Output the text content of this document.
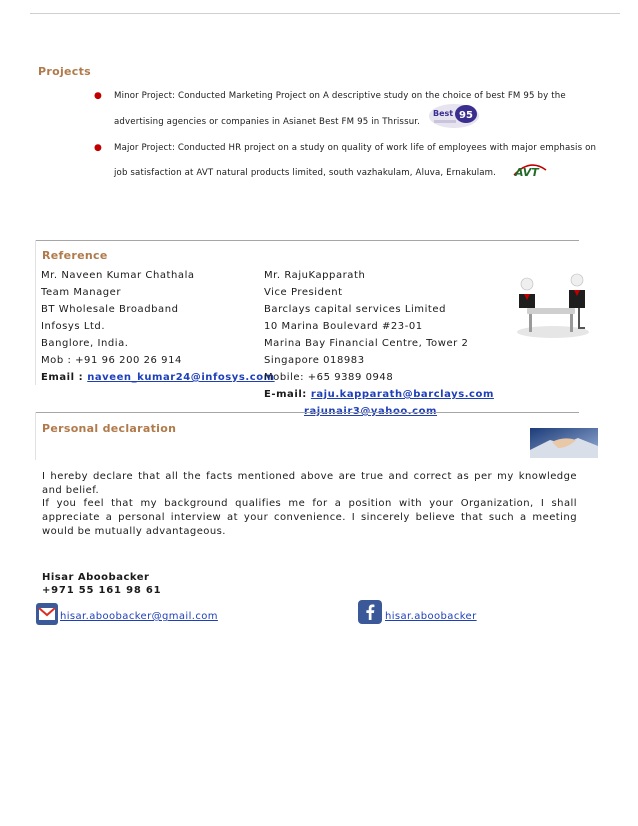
Projects
● Minor Project: Conducted Marketing Project on A descriptive study on the choice of best FM 95 by the
advertising agencies or companies in Asianet Best FM 95 in Thrissur.
Best 95
● Major Project: Conducted HR project on a study on quality of work life of employees with major emphasis on
job satisfaction at AVT natural products limited, south vazhakulam, Aluva, Ernakulam. AVT
Reference
Mr. Naveen Kumar Chathala
Team Manager
BT Wholesale Broadband
Infosys Ltd.
Banglore, India.
Mob : +91 96 200 26 914
Email : naveen_kumar24@infosys.com
Mr. RajuKapparath
Vice President
Barclays capital services Limited
10 Marina Boulevard #23-01
Marina Bay Financial Centre, Tower 2
Singapore 018983
Mobile: +65 9389 0948
E-mail: raju.kapparath@barclays.com
Personal declaration
I hereby declare that all the facts mentioned above are true and correct as per my knowledge and belief.
If you feel that my background qualifies me for a position with your Organization, I shall appreciate a personal interview at your convenience. I sincerely believe that such a meeting would be mutually advantageous.
Hisar Aboobacker
+971 55 161 98 61
hisar.aboobacker@gmail.com	hisar.aboobacker
